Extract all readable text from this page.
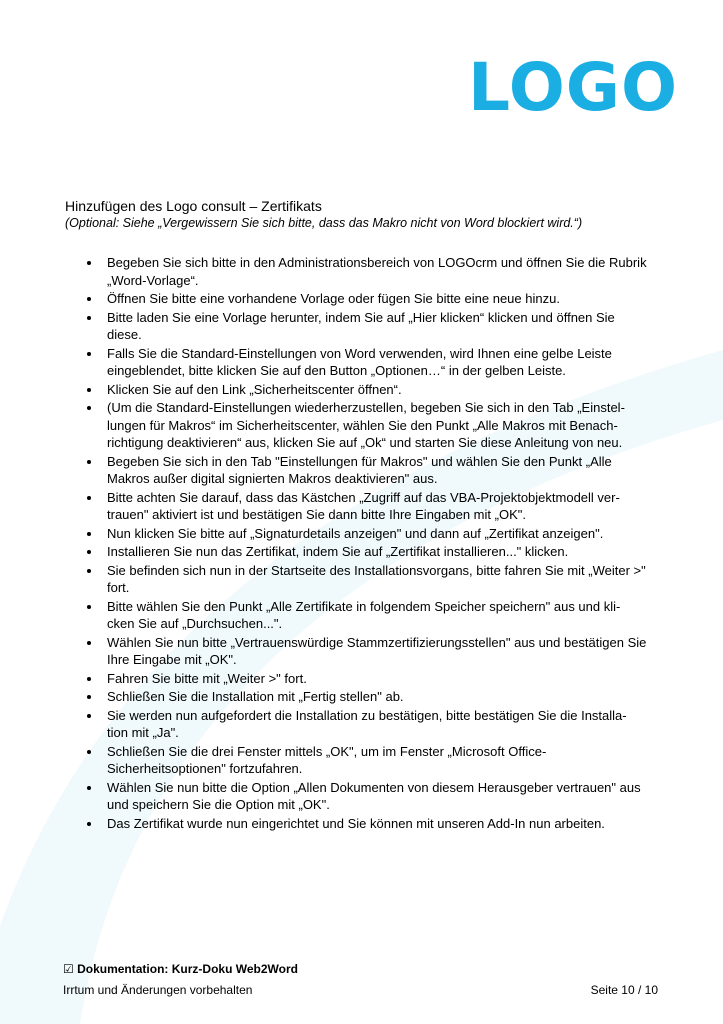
LOGO
Hinzufügen des Logo consult – Zertifikats
(Optional: Siehe „Vergewissern Sie sich bitte, dass das Makro nicht von Word blockiert wird.“)
Begeben Sie sich bitte in den Administrationsbereich von LOGOcrm und öffnen Sie die Rubrik „Word-Vorlage“.
Öffnen Sie bitte eine vorhandene Vorlage oder fügen Sie bitte eine neue hinzu.
Bitte laden Sie eine Vorlage herunter, indem Sie auf „Hier klicken“ klicken und öffnen Sie diese.
Falls Sie die Standard-Einstellungen von Word verwenden, wird Ihnen eine gelbe Leiste eingeblendet, bitte klicken Sie auf den Button „Optionen…“ in der gelben Leiste.
Klicken Sie auf den Link „Sicherheitscenter öffnen“.
(Um die Standard-Einstellungen wiederherzustellen, begeben Sie sich in den Tab „Einstel-lungen für Makros“ im Sicherheitscenter, wählen Sie den Punkt „Alle Makros mit Benach-richtigung deaktivieren“ aus, klicken Sie auf „Ok“ und starten Sie diese Anleitung von neu.
Begeben Sie sich in den Tab "Einstellungen für Makros" und wählen Sie den Punkt „Alle Makros außer digital signierten Makros deaktivieren" aus.
Bitte achten Sie darauf, dass das Kästchen „Zugriff auf das VBA-Projektobjektmodell ver-trauen" aktiviert ist und bestätigen Sie dann bitte Ihre Eingaben mit „OK".
Nun klicken Sie bitte auf „Signaturdetails anzeigen" und dann auf „Zertifikat anzeigen".
Installieren Sie nun das Zertifikat, indem Sie auf „Zertifikat installieren..." klicken.
Sie befinden sich nun in der Startseite des Installationsvorgans, bitte fahren Sie mit „Weiter >" fort.
Bitte wählen Sie den Punkt „Alle Zertifikate in folgendem Speicher speichern" aus und kli-cken Sie auf „Durchsuchen...".
Wählen Sie nun bitte „Vertrauenswürdige Stammzertifizierungsstellen" aus und bestätigen Sie Ihre Eingabe mit „OK".
Fahren Sie bitte mit „Weiter >" fort.
Schließen Sie die Installation mit „Fertig stellen" ab.
Sie werden nun aufgefordert die Installation zu bestätigen, bitte bestätigen Sie die Installa-tion mit „Ja".
Schließen Sie die drei Fenster mittels „OK", um im Fenster „Microsoft Office-Sicherheitsoptionen" fortzufahren.
Wählen Sie nun bitte die Option „Allen Dokumenten von diesem Herausgeber vertrauen" aus und speichern Sie die Option mit „OK".
Das Zertifikat wurde nun eingerichtet und Sie können mit unseren Add-In nun arbeiten.
☑ Dokumentation: Kurz-Doku Web2Word
Irrtum und Änderungen vorbehalten	Seite 10 / 10
